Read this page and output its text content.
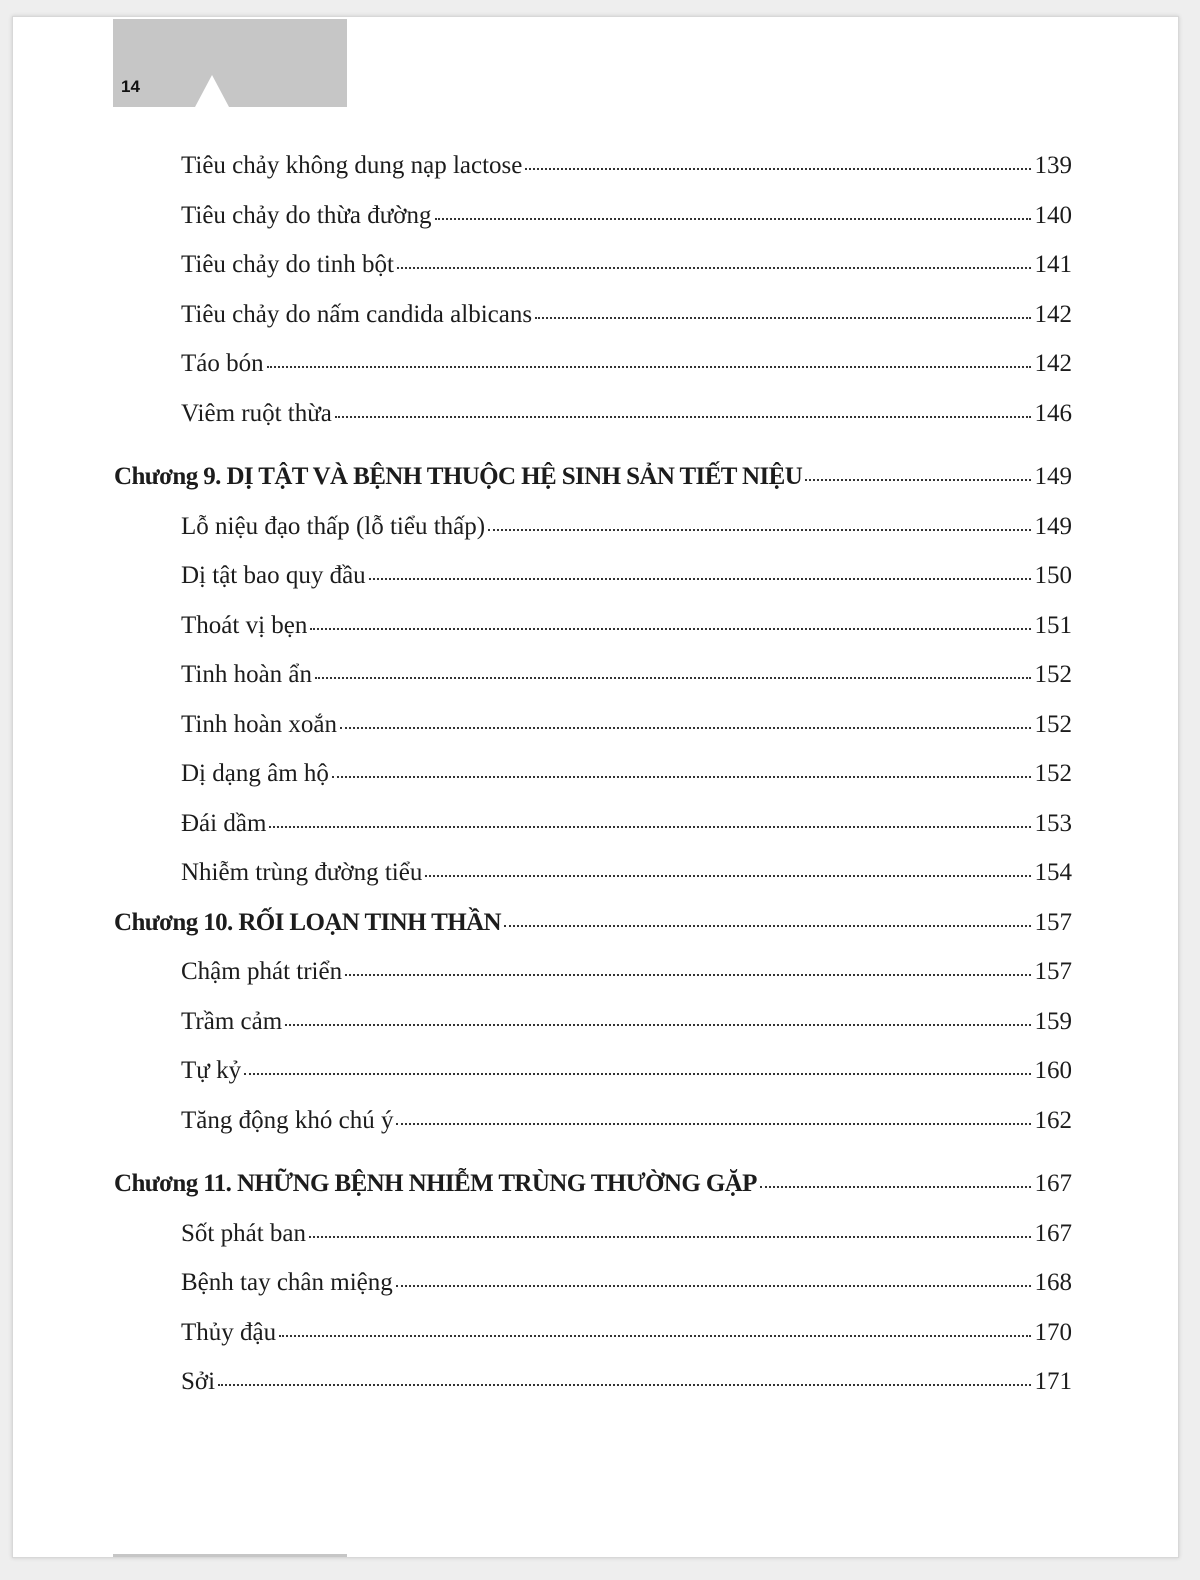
14
Tiêu chảy không dung nạp lactose	139
Tiêu chảy do thừa đường	140
Tiêu chảy do tinh bột	141
Tiêu chảy do nấm candida albicans	142
Táo bón	142
Viêm ruột thừa	146
Chương 9. DỊ TẬT VÀ BỆNH THUỘC HỆ SINH SẢN TIẾT NIỆU	149
Lỗ niệu đạo thấp (lỗ tiểu thấp)	149
Dị tật bao quy đầu	150
Thoát vị bẹn	151
Tinh hoàn ẩn	152
Tinh hoàn xoắn	152
Dị dạng âm hộ	152
Đái dầm	153
Nhiễm trùng đường tiểu	154
Chương 10. RỐI LOẠN TINH THẦN	157
Chậm phát triển	157
Trầm cảm	159
Tự kỷ	160
Tăng động khó chú ý	162
Chương 11. NHỮNG BỆNH NHIỄM TRÙNG THƯỜNG GẶP	167
Sốt phát ban	167
Bệnh tay chân miệng	168
Thủy đậu	170
Sởi	171
